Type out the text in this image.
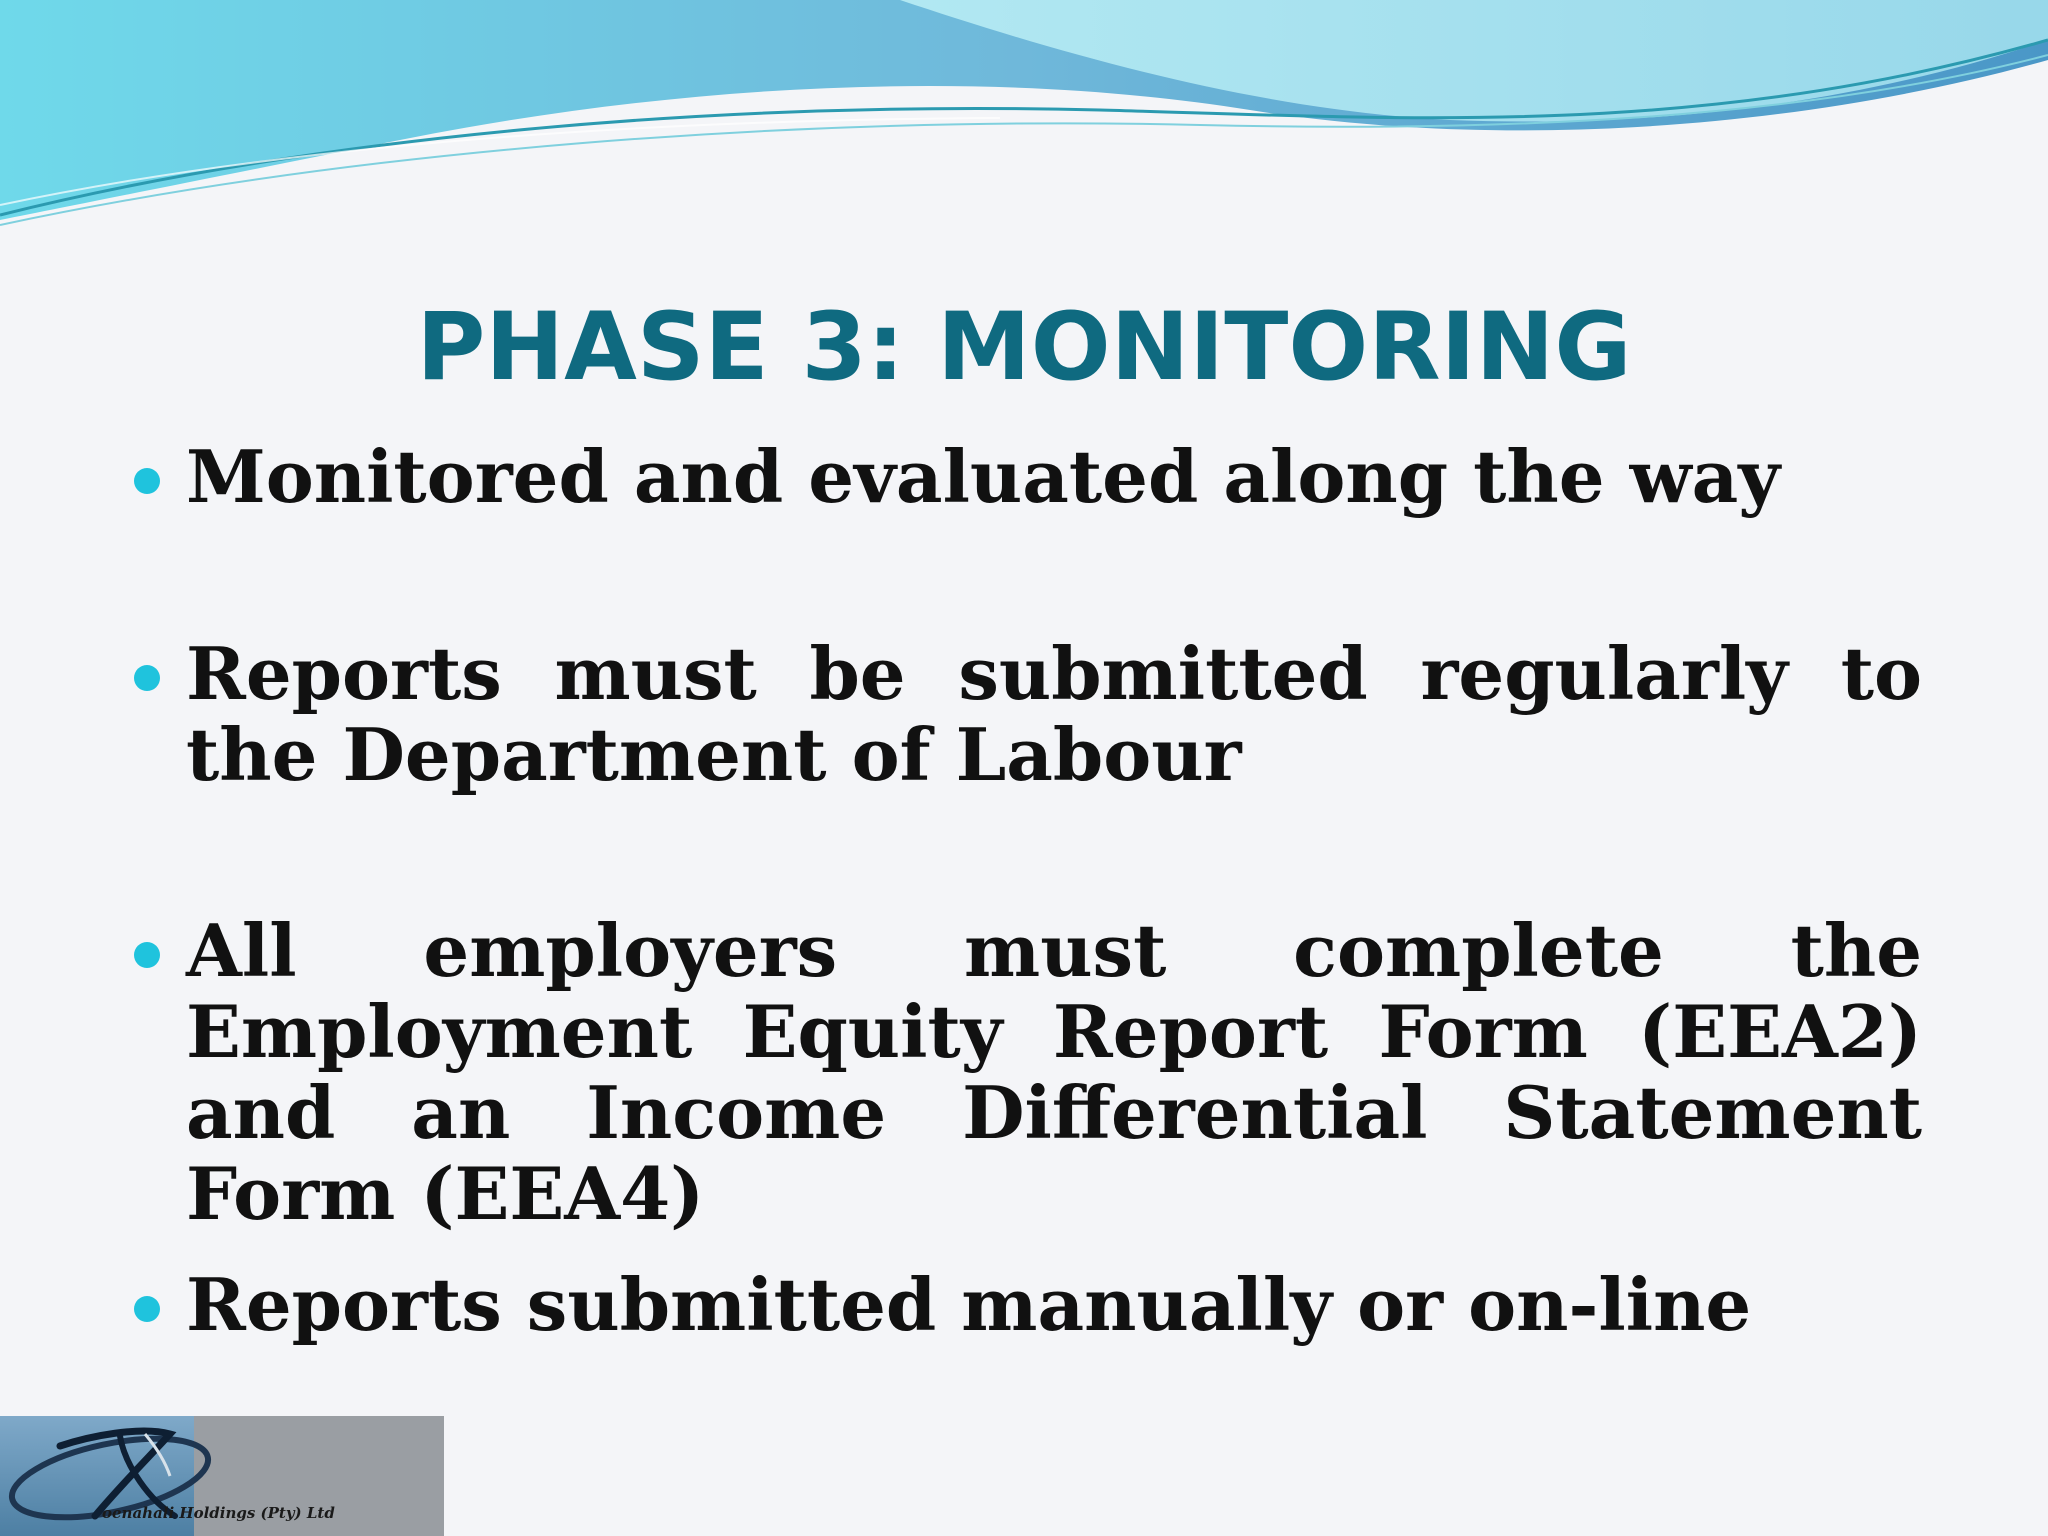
PHASE 3: MONITORING
Monitored and evaluated along the way
Reports must be submitted regularly to the Department of Labour
All employers must complete the Employment Equity Report Form (EEA2) and an Income Differential Statement Form (EEA4)
Reports submitted manually or on-line
oenahali Holdings (Pty) Ltd
